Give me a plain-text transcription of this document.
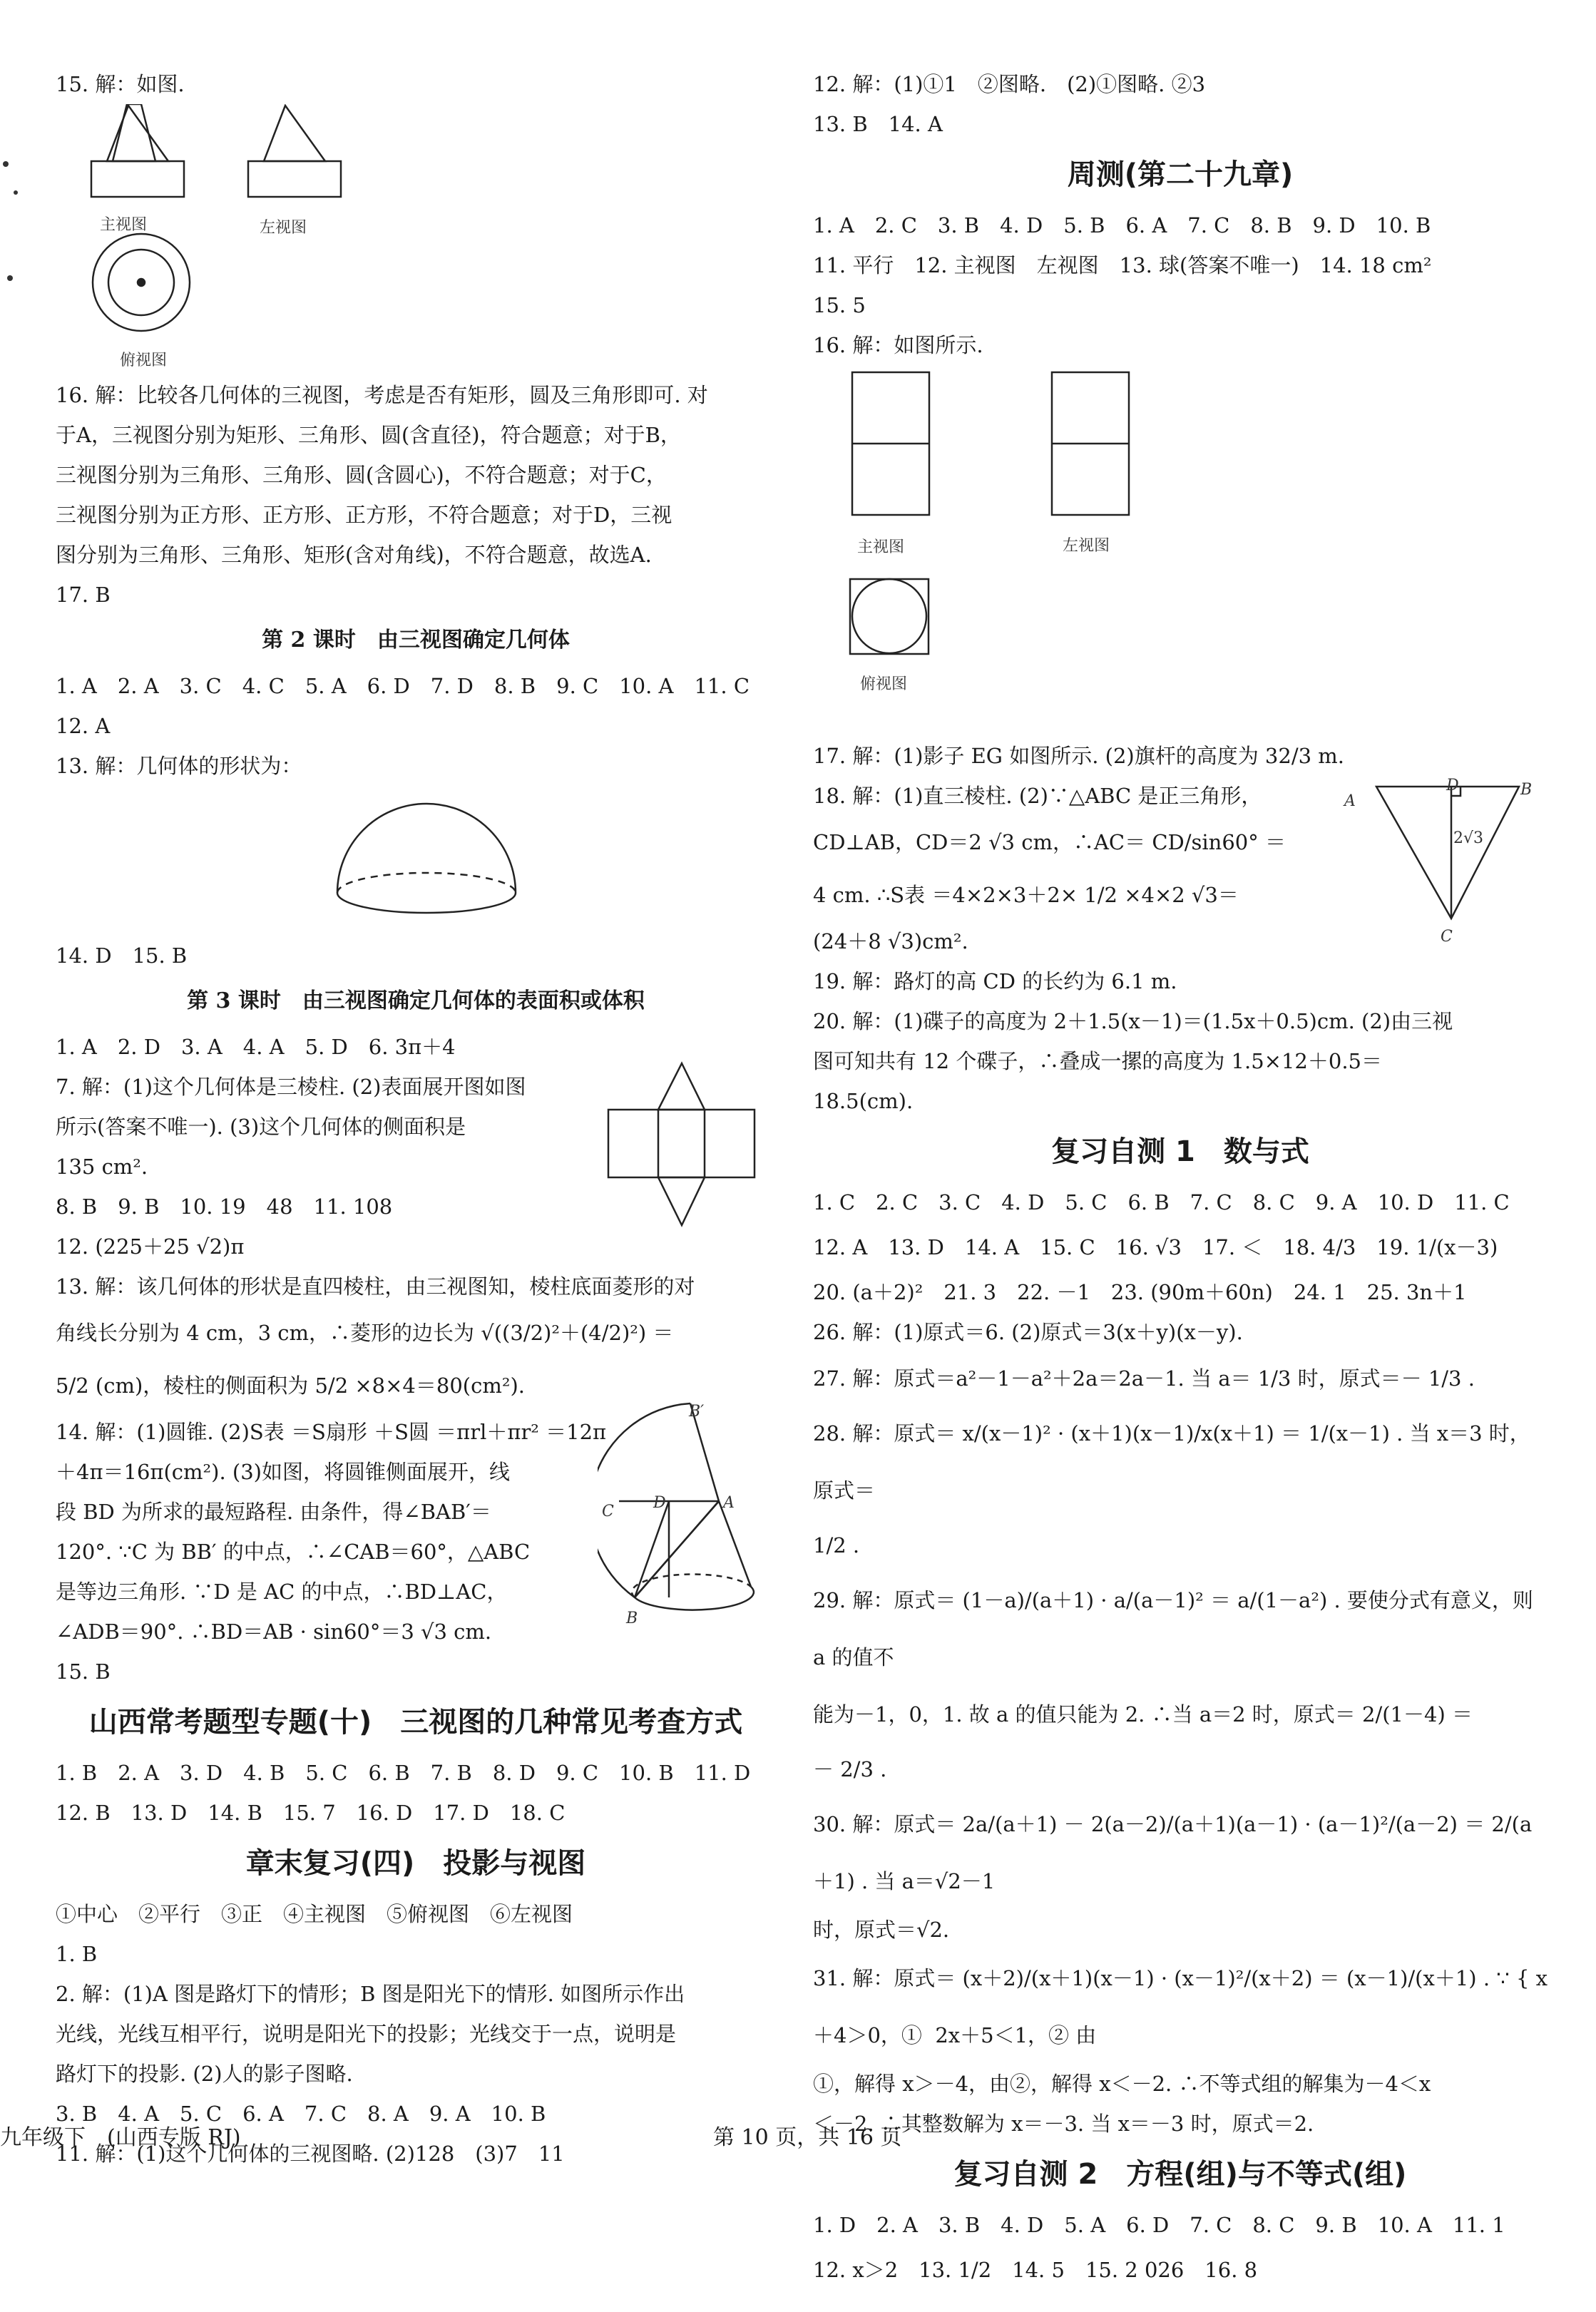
15. 解：如图.

主视图	左视图
俯视图

16. 解：比较各几何体的三视图，考虑是否有矩形，圆及三角形即可. 对

于A，三视图分别为矩形、三角形、圆(含直径)，符合题意；对于B，

三视图分别为三角形、三角形、圆(含圆心)，不符合题意；对于C，

三视图分别为正方形、正方形、正方形，不符合题意；对于D，三视

图分别为三角形、三角形、矩形(含对角线)，不符合题意，故选A.

17. B

第 2 课时　由三视图确定几何体

1. A　2. A　3. C　4. C　5. A　6. D　7. D　8. B　9. C　10. A　11. C

12. A

13. 解：几何体的形状为：

14. D　15. B

第 3 课时　由三视图确定几何体的表面积或体积

1. A　2. D　3. A　4. A　5. D　6. 3π＋4

7. 解：(1)这个几何体是三棱柱. (2)表面展开图如图

所示(答案不唯一). (3)这个几何体的侧面积是

135 cm².

8. B　9. B　10. 19　48　11. 108

12. (225＋25 √2)π

13. 解：该几何体的形状是直四棱柱，由三视图知，棱柱底面菱形的对

角线长分别为 4 cm，3 cm，∴菱形的边长为 √((3/2)²＋(4/2)²) ＝

5/2 (cm)，棱柱的侧面积为 5/2 ×8×4＝80(cm²).

14. 解：(1)圆锥. (2)S表 ＝S扇形 ＋S圆 ＝πrl＋πr² ＝12π

＋4π＝16π(cm²). (3)如图，将圆锥侧面展开，线

段 BD 为所求的最短路程. 由条件，得∠BAB′＝

120°. ∵C 为 BB′ 的中点，∴∠CAB＝60°，△ABC

是等边三角形. ∵D 是 AC 的中点，∴BD⊥AC，

∠ADB＝90°. ∴BD＝AB · sin60°＝3 √3 cm.

B′
C	D	A
B

15. B

山西常考题型专题(十)　三视图的几种常见考查方式

1. B　2. A　3. D　4. B　5. C　6. B　7. B　8. D　9. C　10. B　11. D

12. B　13. D　14. B　15. 7　16. D　17. D　18. C

章末复习(四)　投影与视图

①中心　②平行　③正　④主视图　⑤俯视图　⑥左视图

1. B

2. 解：(1)A 图是路灯下的情形；B 图是阳光下的情形. 如图所示作出

光线，光线互相平行，说明是阳光下的投影；光线交于一点，说明是

路灯下的投影. (2)人的影子图略.

3. B　4. A　5. C　6. A　7. C　8. A　9. A　10. B

11. 解：(1)这个几何体的三视图略. (2)128　(3)7　11

12. 解：(1)①1　②图略.　(2)①图略. ②3

13. B　14. A

周测(第二十九章)

1. A　2. C　3. B　4. D　5. B　6. A　7. C　8. B　9. D　10. B

11. 平行　12. 主视图　左视图　13. 球(答案不唯一)　14. 18 cm²

15. 5

16. 解：如图所示.

主视图	左视图
俯视图

17. 解：(1)影子 EG 如图所示. (2)旗杆的高度为 32/3 m.

18. 解：(1)直三棱柱. (2)∵△ABC 是正三角形，

CD⊥AB，CD＝2 √3 cm，∴AC＝ CD/sin60° ＝

4 cm. ∴S表 ＝4×2×3＋2× 1/2 ×4×2 √3＝

(24＋8 √3)cm².

A
D	B
2√3
C

19. 解：路灯的高 CD 的长约为 6.1 m.

20. 解：(1)碟子的高度为 2＋1.5(x－1)＝(1.5x＋0.5)cm. (2)由三视

图可知共有 12 个碟子，∴叠成一摞的高度为 1.5×12＋0.5＝

18.5(cm).

复习自测 1　数与式

1. C　2. C　3. C　4. D　5. C　6. B　7. C　8. C　9. A　10. D　11. C

12. A　13. D　14. A　15. C　16. √3　17. ＜　18. 4/3　19. 1/(x－3)

20. (a＋2)²　21. 3　22. －1　23. (90m＋60n)　24. 1　25. 3n＋1

26. 解：(1)原式＝6. (2)原式＝3(x＋y)(x－y).

27. 解：原式＝a²－1－a²＋2a＝2a－1. 当 a＝ 1/3 时，原式＝－ 1/3 .

28. 解：原式＝ x/(x－1)² · (x＋1)(x－1)/x(x＋1) ＝ 1/(x－1) . 当 x＝3 时，原式＝

1/2 .

29. 解：原式＝ (1－a)/(a＋1) · a/(a－1)² ＝ a/(1－a²) . 要使分式有意义，则 a 的值不

能为－1，0，1. 故 a 的值只能为 2. ∴当 a＝2 时，原式＝ 2/(1－4) ＝

－ 2/3 .

30. 解：原式＝ 2a/(a＋1) － 2(a－2)/(a＋1)(a－1) · (a－1)²/(a－2) ＝ 2/(a＋1) . 当 a＝√2－1

时，原式＝√2.

31. 解：原式＝ (x＋2)/(x＋1)(x－1) · (x－1)²/(x＋2) ＝ (x－1)/(x＋1) . ∵ { x＋4＞0，①  2x＋5＜1，② 由

①，解得 x＞－4，由②，解得 x＜－2. ∴不等式组的解集为－4＜x

＜－2. ∴其整数解为 x＝－3. 当 x＝－3 时，原式＝2.

复习自测 2　方程(组)与不等式(组)

1. D　2. A　3. B　4. D　5. A　6. D　7. C　8. C　9. B　10. A　11. 1

12. x＞2　13. 1/2　14. 5　15. 2 026　16. 8

九年级下　(山西专版 RJ)	第 10 页，共 16 页
